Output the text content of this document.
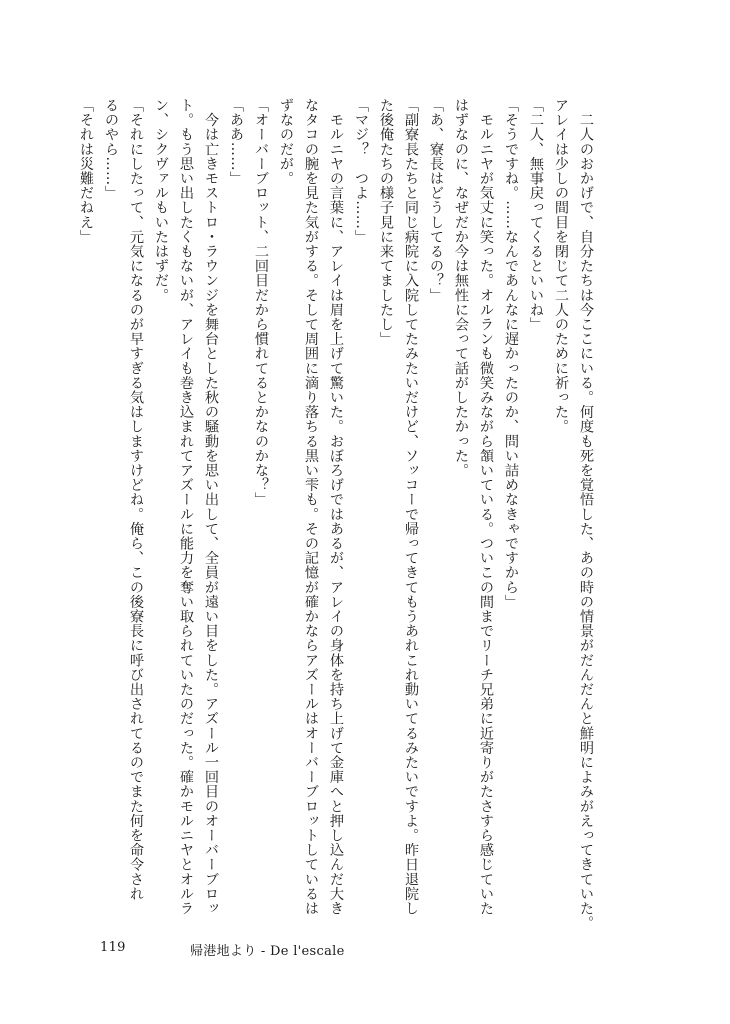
　二人のおかげで、自分たちは今ここにいる。何度も死を覚悟した、あの時の情景がだんだんと鮮明によみがえってきていた。
アレイは少しの間目を閉じて二人のために祈った。
「二人、無事戻ってくるといいね」
「そうですね。……なんであんなに遅かったのか、問い詰めなきゃですから」
　モルニヤが気丈に笑った。オルランも微笑みながら頷いている。ついこの間までリーチ兄弟に近寄りがたさすら感じていた
はずなのに、なぜだか今は無性に会って話がしたかった。
「あ、寮長はどうしてるの？」
「副寮長たちと同じ病院に入院してたみたいだけど、ソッコーで帰ってきてもうあれこれ動いてるみたいですよ。昨日退院し
た後俺たちの様子見に来てましたし」
「マジ？　つよ……」
　モルニヤの言葉に、アレイは眉を上げて驚いた。おぼろげではあるが、アレイの身体を持ち上げて金庫へと押し込んだ大き
なタコの腕を見た気がする。そして周囲に滴り落ちる黒い雫も。その記憶が確かならアズールはオーバーブロットしているは
ずなのだが。
「オーバーブロット、二回目だから慣れてるとかなのかな？」
「ああ……」
　今は亡きモストロ・ラウンジを舞台とした秋の騒動を思い出して、全員が遠い目をした。アズール一回目のオーバーブロッ
ト。もう思い出したくもないが、アレイも巻き込まれてアズールに能力を奪い取られていたのだった。確かモルニヤとオルラ
ン、シクヴァルもいたはずだ。
「それにしたって、元気になるのが早すぎる気はしますけどね。俺ら、この後寮長に呼び出されてるのでまた何を命令され
るのやら……」
「それは災難だねえ」
119	帰港地より - De l'escale
